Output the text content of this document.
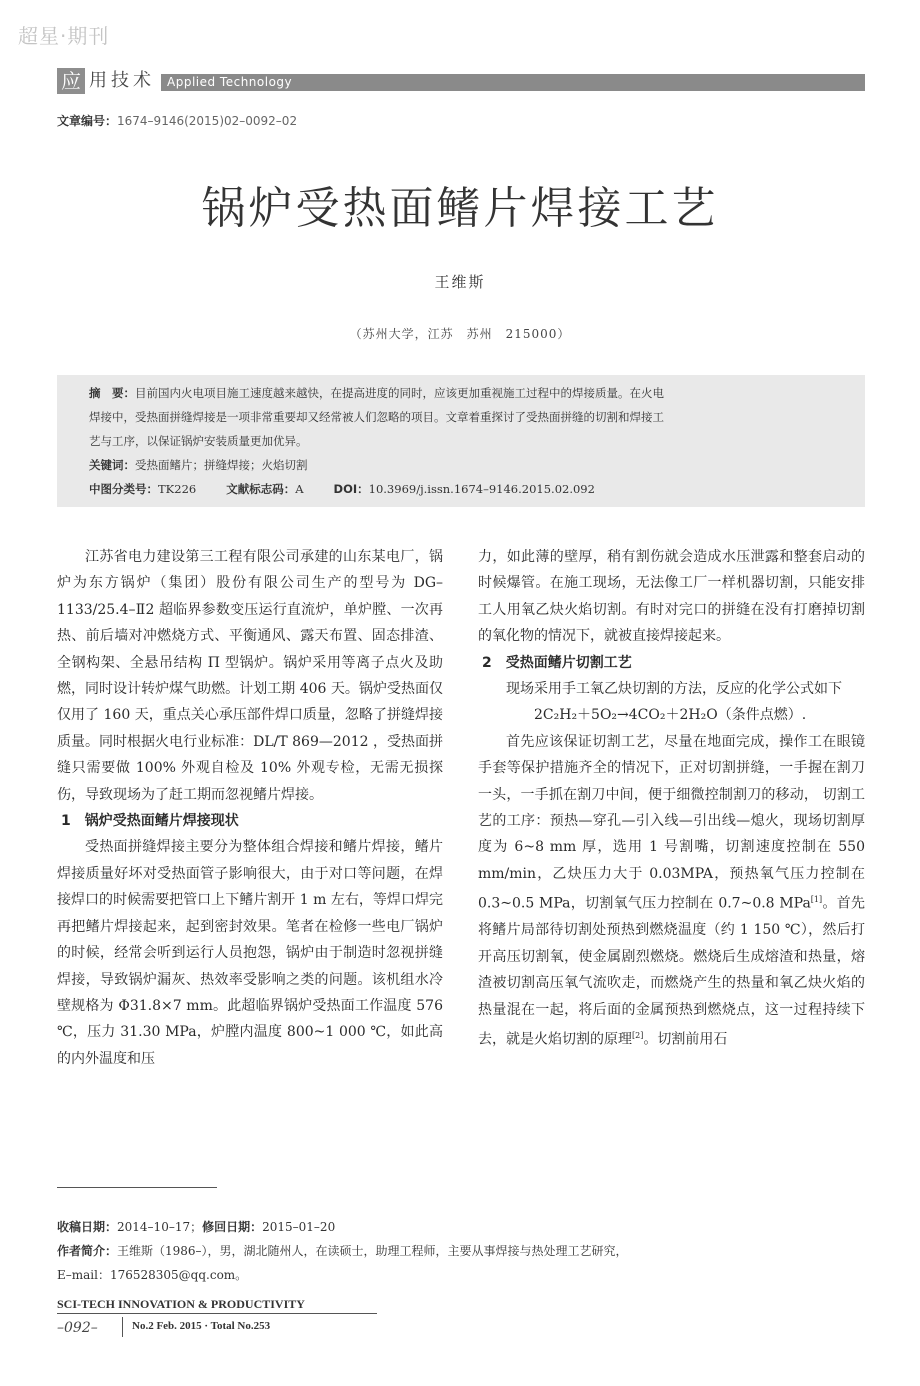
超星·期刊
应 用技术 Applied Technology
文章编号：1674–9146(2015)02–0092–02
锅炉受热面鳍片焊接工艺
王维斯
（苏州大学，江苏　苏州　215000）
摘　要：目前国内火电项目施工速度越来越快，在提高进度的同时，应该更加重视施工过程中的焊接质量。在火电
焊接中，受热面拼缝焊接是一项非常重要却又经常被人们忽略的项目。文章着重探讨了受热面拼缝的切割和焊接工
艺与工序，以保证锅炉安装质量更加优异。
关键词：受热面鳍片；拼缝焊接；火焰切割
中图分类号：TK226	文献标志码：A	DOI：10.3969/j.issn.1674–9146.2015.02.092

江苏省电力建设第三工程有限公司承建的山东某电厂，锅炉为东方锅炉（集团）股份有限公司生产的型号为 DG–1133/25.4–Ⅱ2 超临界参数变压运行直流炉，单炉膛、一次再热、前后墙对冲燃烧方式、平衡通风、露天布置、固态排渣、全钢构架、全悬吊结构 Π 型锅炉。锅炉采用等离子点火及助燃，同时设计转炉煤气助燃。计划工期 406 天。锅炉受热面仅仅用了 160 天，重点关心承压部件焊口质量，忽略了拼缝焊接质量。同时根据火电行业标准：DL/T 869—2012 ，受热面拼缝只需要做 100% 外观自检及 10% 外观专检，无需无损探伤，导致现场为了赶工期而忽视鳍片焊接。

1　锅炉受热面鳍片焊接现状

受热面拼缝焊接主要分为整体组合焊接和鳍片焊接，鳍片焊接质量好坏对受热面管子影响很大，由于对口等问题，在焊接焊口的时候需要把管口上下鳍片割开 1 m 左右，等焊口焊完再把鳍片焊接起来，起到密封效果。笔者在检修一些电厂锅炉的时候，经常会听到运行人员抱怨，锅炉由于制造时忽视拼缝焊接，导致锅炉漏灰、热效率受影响之类的问题。该机组水冷壁规格为 Φ31.8×7 mm。此超临界锅炉受热面工作温度 576 ℃，压力 31.30 MPa，炉膛内温度 800~1 000 ℃，如此高的内外温度和压

力，如此薄的壁厚，稍有割伤就会造成水压泄露和整套启动的时候爆管。在施工现场，无法像工厂一样机器切割，只能安排工人用氧乙炔火焰切割。有时对完口的拼缝在没有打磨掉切割的氧化物的情况下，就被直接焊接起来。

2　受热面鳍片切割工艺

现场采用手工氧乙炔切割的方法，反应的化学公式如下

2C₂H₂＋5O₂→4CO₂＋2H₂O（条件点燃）.

首先应该保证切割工艺，尽量在地面完成，操作工在眼镜手套等保护措施齐全的情况下，正对切割拼缝，一手握在割刀一头，一手抓在割刀中间，便于细微控制割刀的移动， 切割工艺的工序：预热—穿孔—引入线—引出线—熄火，现场切割厚度为 6~8 mm 厚，选用 1 号割嘴，切割速度控制在 550 mm/min，乙炔压力大于 0.03MPA，预热氧气压力控制在 0.3~0.5 MPa，切割氧气压力控制在 0.7~0.8 MPa[1]。首先将鳍片局部待切割处预热到燃烧温度（约 1 150 ℃），然后打开高压切割氧，使金属剧烈燃烧。燃烧后生成熔渣和热量，熔渣被切割高压氧气流吹走，而燃烧产生的热量和氧乙炔火焰的热量混在一起，将后面的金属预热到燃烧点，这一过程持续下去，就是火焰切割的原理[2]。切割前用石

收稿日期：2014–10–17；修回日期：2015–01–20
作者简介：王维斯（1986–），男，湖北随州人，在读硕士，助理工程师，主要从事焊接与热处理工艺研究，
E–mail：176528305@qq.com。
SCI-TECH INNOVATION & PRODUCTIVITY
–092–	No.2 Feb. 2015 · Total No.253
